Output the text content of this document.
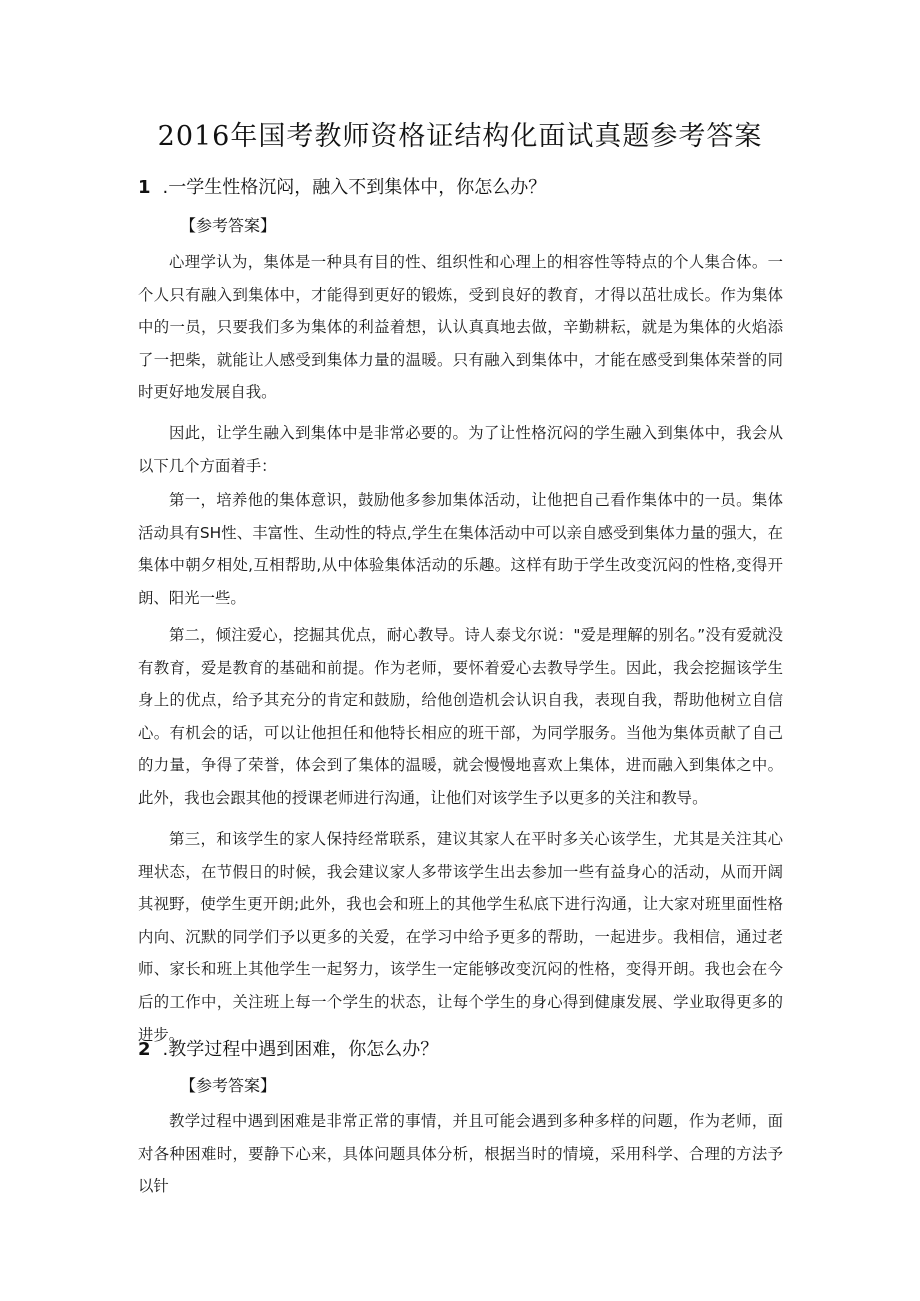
2016年国考教师资格证结构化面试真题参考答案
1 .一学生性格沉闷，融入不到集体中，你怎么办？
【参考答案】

心理学认为，集体是一种具有目的性、组织性和心理上的相容性等特点的个人集合体。一个人只有融入到集体中，才能得到更好的锻炼，受到良好的教育，才得以茁壮成长。作为集体中的一员，只要我们多为集体的利益着想，认认真真地去做，辛勤耕耘，就是为集体的火焰添了一把柴，就能让人感受到集体力量的温暖。只有融入到集体中，才能在感受到集体荣誉的同时更好地发展自我。

因此，让学生融入到集体中是非常必要的。为了让性格沉闷的学生融入到集体中，我会从以下几个方面着手：

第一，培养他的集体意识，鼓励他多参加集体活动，让他把自己看作集体中的一员。集体活动具有SH性、丰富性、生动性的特点,学生在集体活动中可以亲自感受到集体力量的强大，在集体中朝夕相处,互相帮助,从中体验集体活动的乐趣。这样有助于学生改变沉闷的性格,变得开朗、阳光一些。

第二，倾注爱心，挖掘其优点，耐心教导。诗人泰戈尔说："爱是理解的别名。”没有爱就没有教育，爱是教育的基础和前提。作为老师，要怀着爱心去教导学生。因此，我会挖掘该学生身上的优点，给予其充分的肯定和鼓励，给他创造机会认识自我，表现自我，帮助他树立自信心。有机会的话，可以让他担任和他特长相应的班干部，为同学服务。当他为集体贡献了自己的力量，争得了荣誉，体会到了集体的温暖，就会慢慢地喜欢上集体，进而融入到集体之中。此外，我也会跟其他的授课老师进行沟通，让他们对该学生予以更多的关注和教导。

第三，和该学生的家人保持经常联系，建议其家人在平时多关心该学生，尤其是关注其心理状态，在节假日的时候，我会建议家人多带该学生出去参加一些有益身心的活动，从而开阔其视野，使学生更开朗;此外，我也会和班上的其他学生私底下进行沟通，让大家对班里面性格内向、沉默的同学们予以更多的关爱，在学习中给予更多的帮助，一起进步。我相信，通过老师、家长和班上其他学生一起努力，该学生一定能够改变沉闷的性格，变得开朗。我也会在今后的工作中，关注班上每一个学生的状态，让每个学生的身心得到健康发展、学业取得更多的进步。

2 .教学过程中遇到困难，你怎么办？
【参考答案】

教学过程中遇到困难是非常正常的事情，并且可能会遇到多种多样的问题，作为老师，面对各种困难时，要静下心来，具体问题具体分析，根据当时的情境，采用科学、合理的方法予以针
